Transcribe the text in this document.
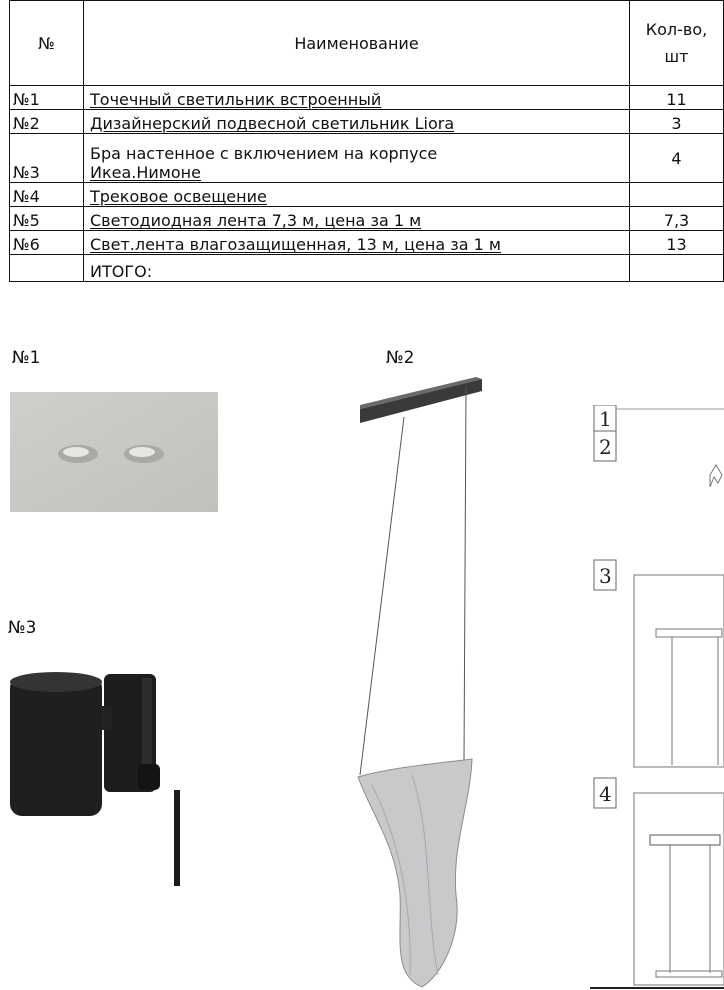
№	Наименование	Кол-во,
шт

№1	Точечный светильник встроенный	11
№2	Дизайнерский подвесной светильник Liora	3
№3	Бра настенное с включением на корпусе
Икеа.Нимоне	4
№4	Трековое освещение	
№5	Светодиодная лента 7,3 м, цена за 1 м	7,3
№6	Свет.лента влагозащищенная, 13 м, цена за 1 м	13
	ИТОГО:	
№1	№2
№3
1
2
3
4
